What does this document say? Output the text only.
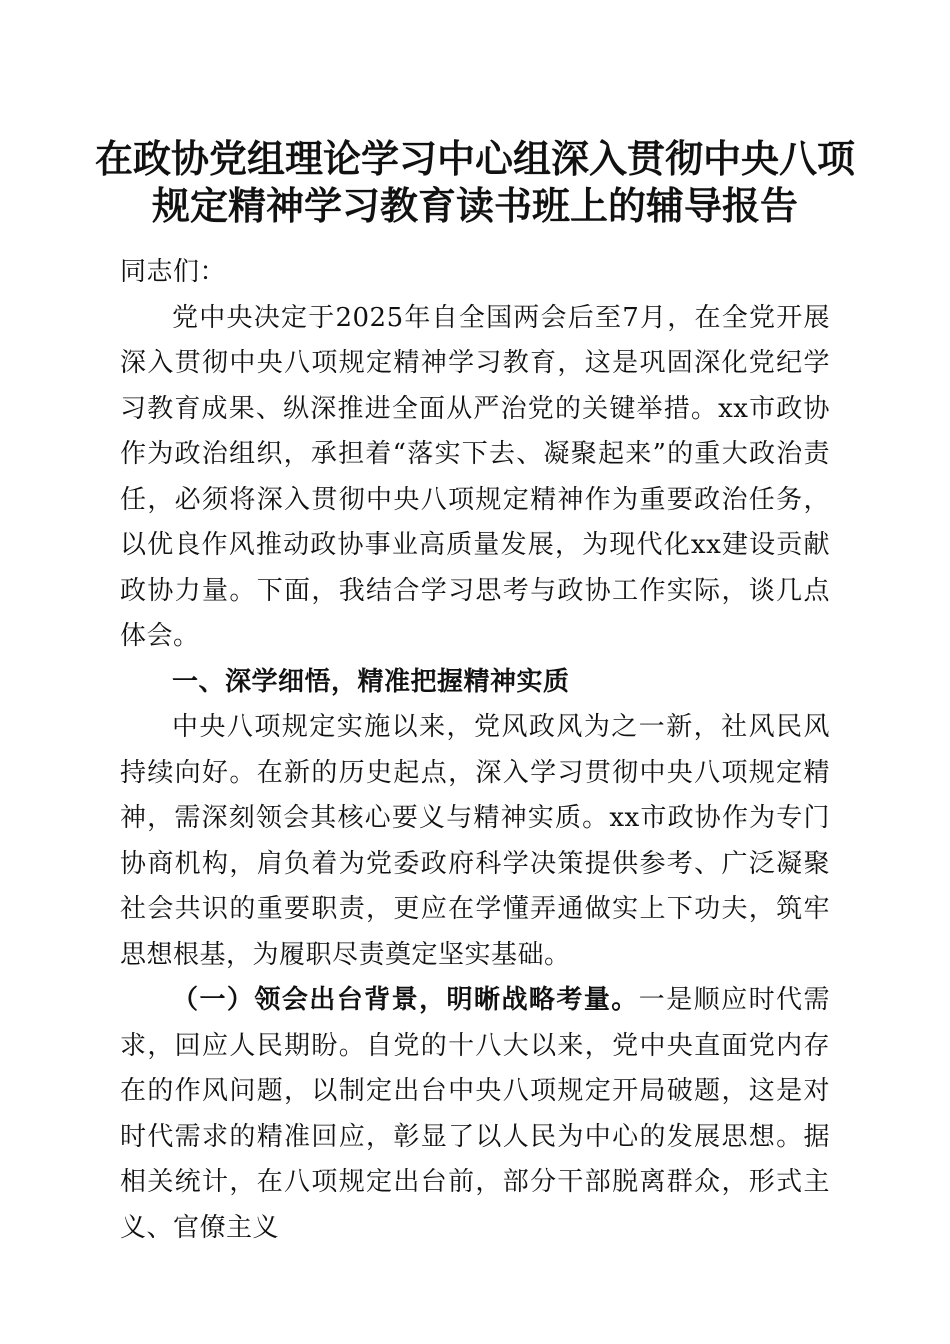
在政协党组理论学习中心组深入贯彻中央八项
规定精神学习教育读书班上的辅导报告

同志们：

党中央决定于2025年自全国两会后至7月，在全党开展深入贯彻中央八项规定精神学习教育，这是巩固深化党纪学习教育成果、纵深推进全面从严治党的关键举措。xx市政协作为政治组织，承担着“落实下去、凝聚起来”的重大政治责任，必须将深入贯彻中央八项规定精神作为重要政治任务，以优良作风推动政协事业高质量发展，为现代化xx建设贡献政协力量。下面，我结合学习思考与政协工作实际，谈几点体会。

一、深学细悟，精准把握精神实质

中央八项规定实施以来，党风政风为之一新，社风民风持续向好。在新的历史起点，深入学习贯彻中央八项规定精神，需深刻领会其核心要义与精神实质。xx市政协作为专门协商机构，肩负着为党委政府科学决策提供参考、广泛凝聚社会共识的重要职责，更应在学懂弄通做实上下功夫，筑牢思想根基，为履职尽责奠定坚实基础。

（一）领会出台背景，明晰战略考量。一是顺应时代需求，回应人民期盼。自党的十八大以来，党中央直面党内存在的作风问题，以制定出台中央八项规定开局破题，这是对时代需求的精准回应，彰显了以人民为中心的发展思想。据相关统计，在八项规定出台前，部分干部脱离群众，形式主义、官僚主义
